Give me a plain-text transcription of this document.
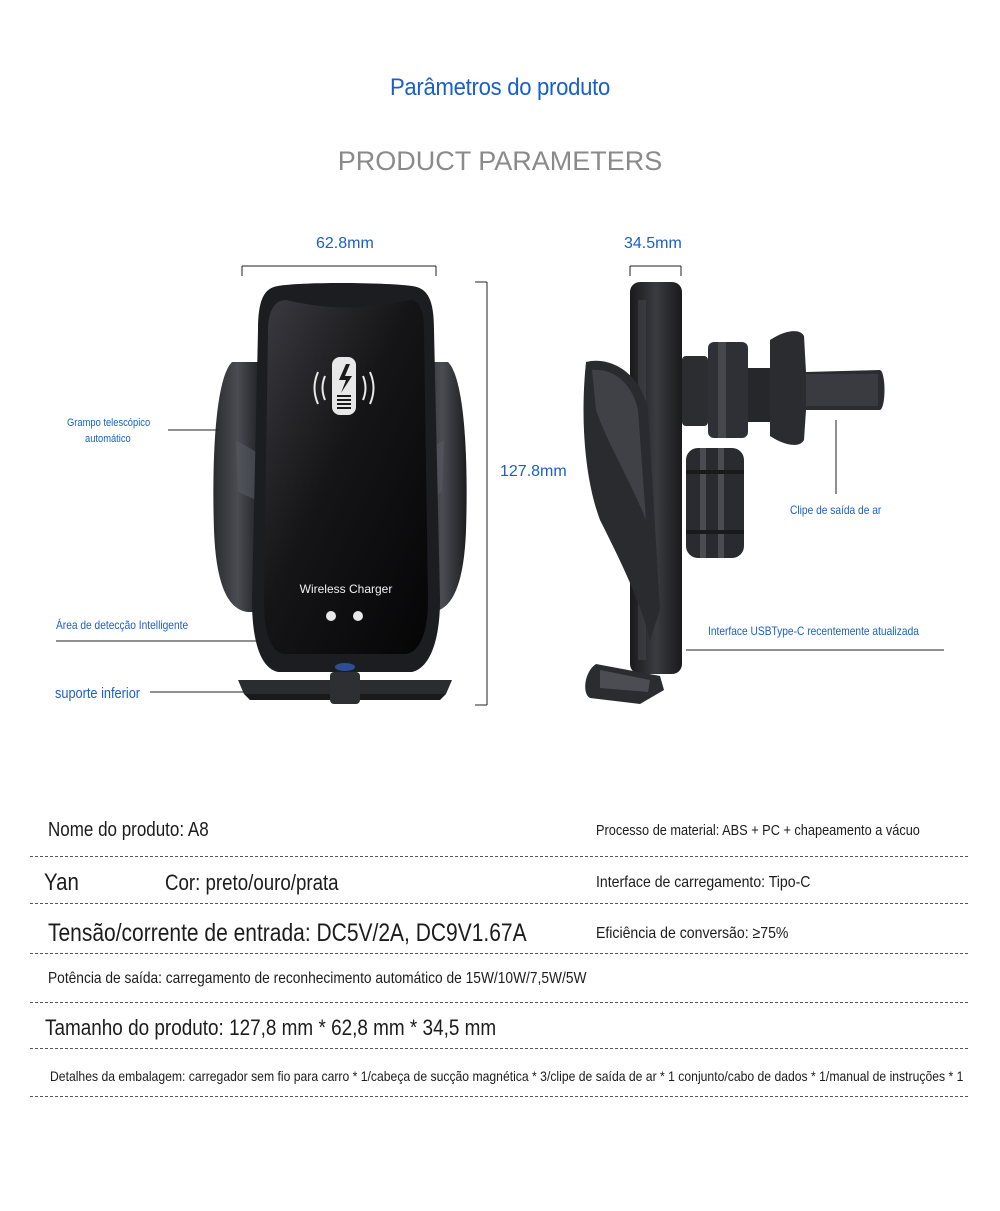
Parâmetros do produto
PRODUCT PARAMETERS
62.8mm	34.5mm
127.8mm
Grampo telescópico
automático
Área de detecção Intelligente
suporte inferior
Clipe de saída de ar
Interface USBType-C recentemente atualizada
Nome do produto: A8	Processo de material: ABS + PC + chapeamento a vácuo
Yan	Cor: preto/ouro/prata	Interface de carregamento: Tipo-C
Tensão/corrente de entrada: DC5V/2A, DC9V1.67A	Eficiência de conversão: ≥75%
Potência de saída: carregamento de reconhecimento automático de 15W/10W/7,5W/5W
Tamanho do produto: 127,8 mm * 62,8 mm * 34,5 mm
Detalhes da embalagem: carregador sem fio para carro * 1/cabeça de sucção magnética * 3/clipe de saída de ar * 1 conjunto/cabo de dados * 1/manual de instruções * 1
Wireless Charger
